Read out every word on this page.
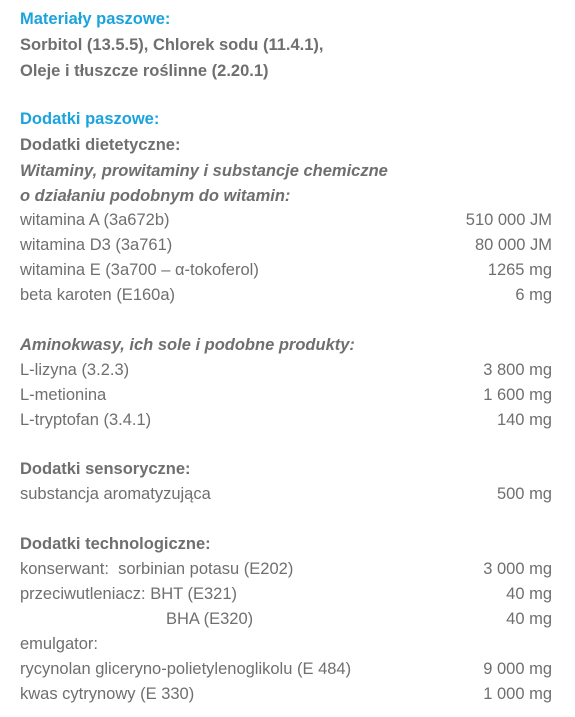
Materiały paszowe:
Sorbitol (13.5.5), Chlorek sodu (11.4.1),
Oleje i tłuszcze roślinne (2.20.1)
Dodatki paszowe:
Dodatki dietetyczne:
Witaminy, prowitaminy i substancje chemiczne
o działaniu podobnym do witamin:
witamina A (3a672b)	510 000 JM
witamina D3 (3a761)	80 000 JM
witamina E (3a700 – α-tokoferol)	1265 mg
beta karoten (E160a)	6 mg
Aminokwasy, ich sole i podobne produkty:
L-lizyna (3.2.3)	3 800 mg
L-metionina	1 600 mg
L-tryptofan (3.4.1)	140 mg
Dodatki sensoryczne:
substancja aromatyzująca	500 mg
Dodatki technologiczne:
konserwant:  sorbinian potasu (E202)	3 000 mg
przeciwutleniacz: BHT (E321)	40 mg
BHA (E320)	40 mg
emulgator:
rycynolan gliceryno-polietylenoglikolu (E 484)	9 000 mg
kwas cytrynowy (E 330)	1 000 mg
